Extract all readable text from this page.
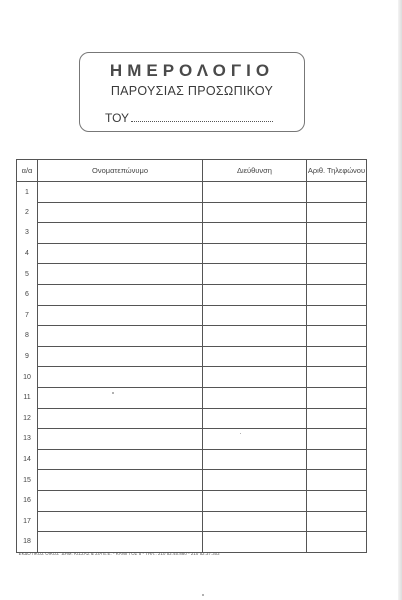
ΗΜΕΡΟΛΟΓΙΟ
ΠΑΡΟΥΣΙΑΣ ΠΡΟΣΩΠΙΚΟΥ
ΤΟΥ
α/α	Ονοματεπώνυμο	Διεύθυνση	Αριθ. Τηλεφώνου
1			
2			
3			
4			
5			
6			
7			
8			
9			
10			
11			
12			
13			
14			
15			
16			
17			
18			
"ΕΚΔΟΤΙΚΟΣ ΟΙΚΟΣ" ΔΗΜ. ΚΙΣΣΑΣ & ΣΙΑ Ε.Ε. - ΚΑΝΙΓΓΟΣ 5 - ΤΗΛ.: 210 52.45.880 - 210 52.37.302
